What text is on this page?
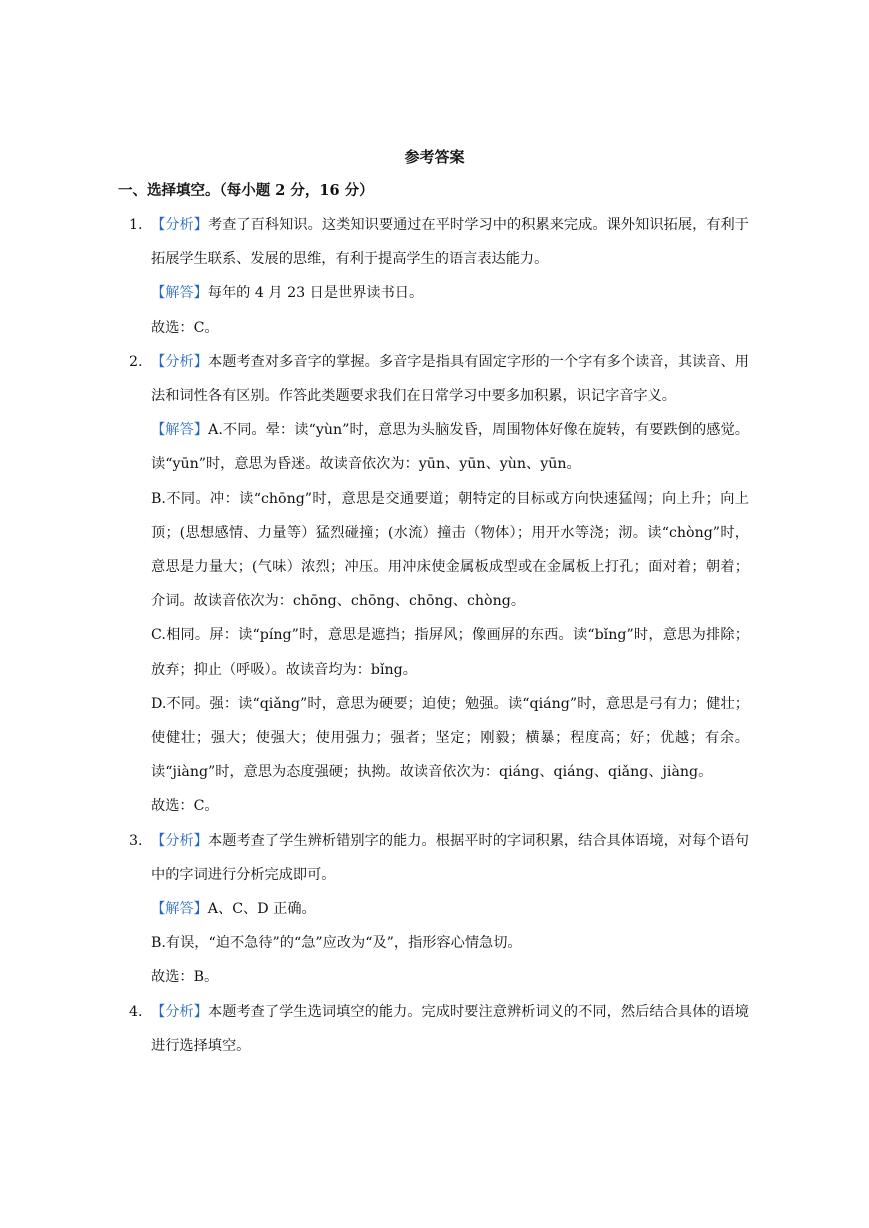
参考答案
一、选择填空。（每小题 2 分，16 分）
1. 【分析】考查了百科知识。这类知识要通过在平时学习中的积累来完成。课外知识拓展，有利于拓展学生联系、发展的思维，有利于提高学生的语言表达能力。
【解答】每年的 4 月 23 日是世界读书日。
故选：C。
2. 【分析】本题考查对多音字的掌握。多音字是指具有固定字形的一个字有多个读音，其读音、用法和词性各有区别。作答此类题要求我们在日常学习中要多加积累，识记字音字义。
【解答】A.不同。晕：读“yùn”时，意思为头脑发昏，周围物体好像在旋转，有要跌倒的感觉。读“yūn”时，意思为昏迷。故读音依次为：yūn、yūn、yùn、yūn。
B.不同。冲：读“chōng”时，意思是交通要道；朝特定的目标或方向快速猛闯；向上升；向上顶；(思想感情、力量等）猛烈碰撞；(水流）撞击（物体）；用开水等浇；沏。读“chòng”时，意思是力量大；(气味）浓烈；冲压。用冲床使金属板成型或在金属板上打孔；面对着；朝着；介词。故读音依次为：chōng、chōng、chōng、chòng。
C.相同。屏：读“píng”时，意思是遮挡；指屏风；像画屏的东西。读“bǐng”时，意思为排除；放弃；抑止（呼吸）。故读音均为：bǐng。
D.不同。强：读“qiǎng”时，意思为硬要；迫使；勉强。读“qiáng”时，意思是弓有力；健壮；使健壮；强大；使强大；使用强力；强者；坚定；刚毅；横暴；程度高；好；优越；有余。读“jiàng”时，意思为态度强硬；执拗。故读音依次为：qiáng、qiáng、qiǎng、jiàng。
故选：C。
3. 【分析】本题考查了学生辨析错别字的能力。根据平时的字词积累，结合具体语境，对每个语句中的字词进行分析完成即可。
【解答】A、C、D 正确。
B.有误，“迫不急待”的“急”应改为“及”，指形容心情急切。
故选：B。
4. 【分析】本题考查了学生选词填空的能力。完成时要注意辨析词义的不同，然后结合具体的语境进行选择填空。
